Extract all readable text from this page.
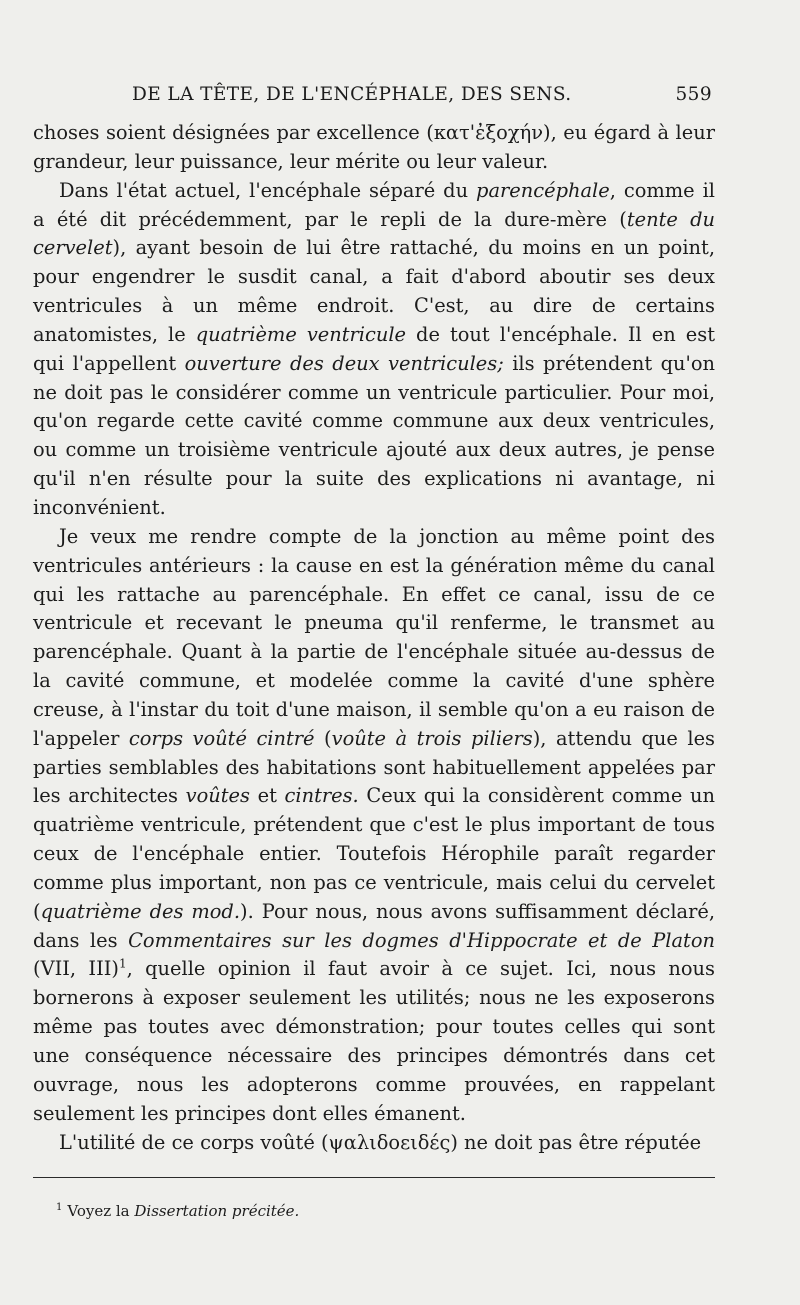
DE LA TÊTE, DE L'ENCÉPHALE, DES SENS.	559

choses soient désignées par excellence (κατ'ἐξοχήν), eu égard à leur grandeur, leur puissance, leur mérite ou leur valeur.

Dans l'état actuel, l'encéphale séparé du parencéphale, comme il a été dit précédemment, par le repli de la dure-mère (tente du cervelet), ayant besoin de lui être rattaché, du moins en un point, pour engendrer le susdit canal, a fait d'abord aboutir ses deux ventricules à un même endroit. C'est, au dire de certains anatomistes, le quatrième ventricule de tout l'encéphale. Il en est qui l'appellent ouverture des deux ventricules; ils prétendent qu'on ne doit pas le considérer comme un ventricule particulier. Pour moi, qu'on regarde cette cavité comme commune aux deux ventricules, ou comme un troisième ventricule ajouté aux deux autres, je pense qu'il n'en résulte pour la suite des explications ni avantage, ni inconvénient.

Je veux me rendre compte de la jonction au même point des ventricules antérieurs : la cause en est la génération même du canal qui les rattache au parencéphale. En effet ce canal, issu de ce ventricule et recevant le pneuma qu'il renferme, le transmet au parencéphale. Quant à la partie de l'encéphale située au-dessus de la cavité commune, et modelée comme la cavité d'une sphère creuse, à l'instar du toit d'une maison, il semble qu'on a eu raison de l'appeler corps voûté cintré (voûte à trois piliers), attendu que les parties semblables des habitations sont habituellement appelées par les architectes voûtes et cintres. Ceux qui la considèrent comme un quatrième ventricule, prétendent que c'est le plus important de tous ceux de l'encéphale entier. Toutefois Hérophile paraît regarder comme plus important, non pas ce ventricule, mais celui du cervelet (quatrième des mod.). Pour nous, nous avons suffisamment déclaré, dans les Commentaires sur les dogmes d'Hippocrate et de Platon (VII, III)$^1$, quelle opinion il faut avoir à ce sujet. Ici, nous nous bornerons à exposer seulement les utilités; nous ne les exposerons même pas toutes avec démonstration; pour toutes celles qui sont une conséquence nécessaire des principes démontrés dans cet ouvrage, nous les adopterons comme prouvées, en rappelant seulement les principes dont elles émanent.

L'utilité de ce corps voûté (ψαλιδοειδές) ne doit pas être réputée

$^1$ Voyez la Dissertation précitée.
